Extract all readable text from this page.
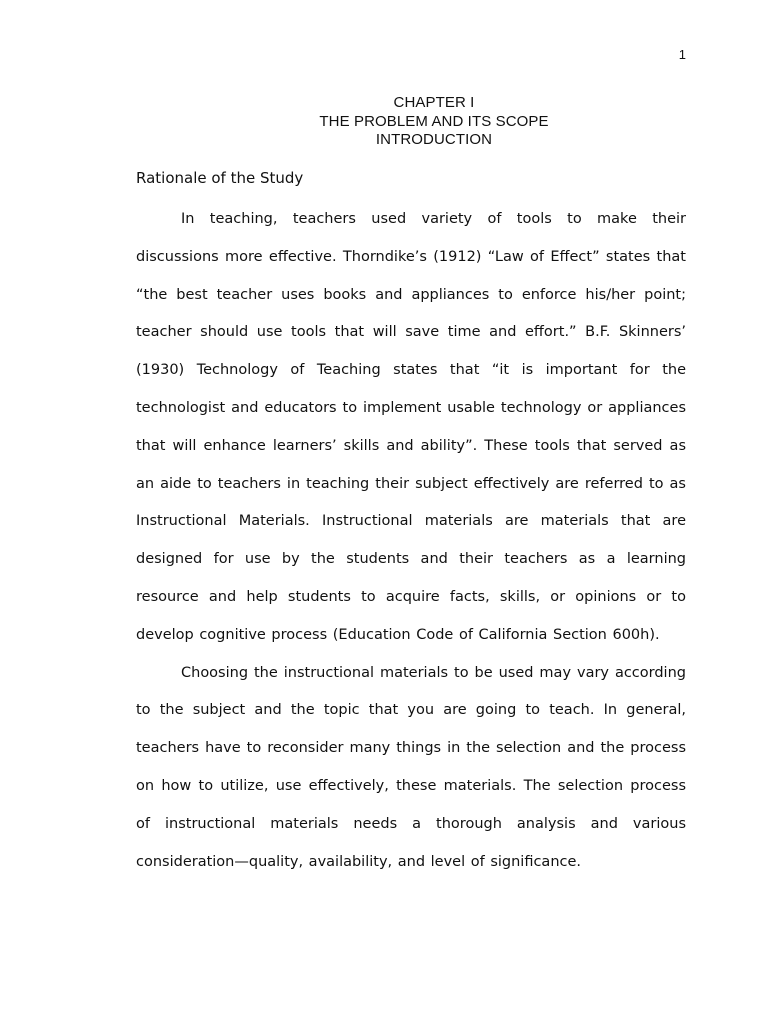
1
CHAPTER I
THE PROBLEM AND ITS SCOPE
INTRODUCTION
Rationale of the Study

In teaching, teachers used variety of tools to make their discussions more effective. Thorndike’s (1912) “Law of Effect” states that “the best teacher uses books and appliances to enforce his/her point; teacher should use tools that will save time and effort.” B.F. Skinners’ (1930) Technology of Teaching states that “it is important for the technologist and educators to implement usable technology or appliances that will enhance learners’ skills and ability”. These tools that served as an aide to teachers in teaching their subject effectively are referred to as Instructional Materials. Instructional materials are materials that are designed for use by the students and their teachers as a learning resource and help students to acquire facts, skills, or opinions or to develop cognitive process (Education Code of California Section 600h).

Choosing the instructional materials to be used may vary according to the subject and the topic that you are going to teach. In general, teachers have to reconsider many things in the selection and the process on how to utilize, use effectively, these materials. The selection process of instructional materials needs a thorough analysis and various consideration—quality, availability, and level of significance.
